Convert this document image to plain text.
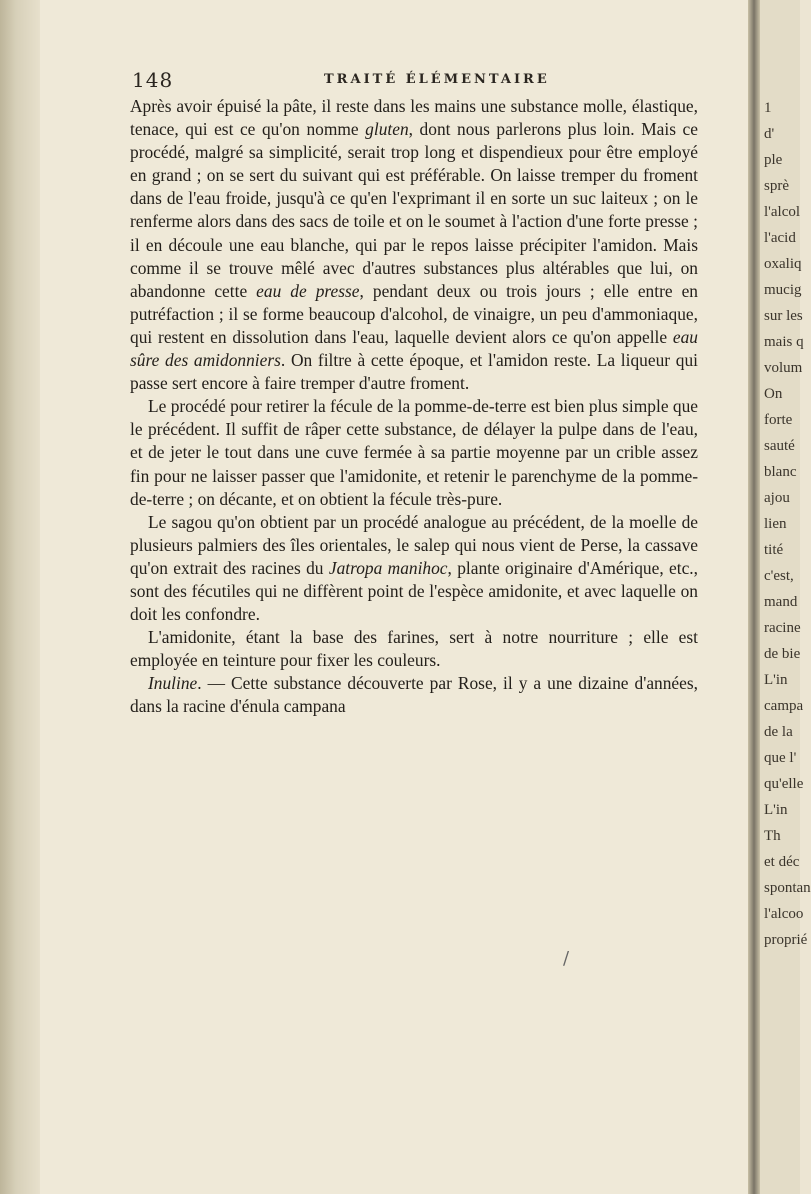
1
d'
ple
sprè
l'alcol
l'acid
oxaliq
mucig
sur les
mais q
volum
On
forte
sauté
blanc
ajou
lien
tité
c'est,
mand
racine
de bie
L'in
campa
de la
que l'
qu'elle
L'in
Th
et déc
spontan
l'alcoo
proprié
148	TRAITÉ ÉLÉMENTAIRE

Après avoir épuisé la pâte, il reste dans les mains une substance molle, élastique, tenace, qui est ce qu'on nomme gluten, dont nous parlerons plus loin. Mais ce procédé, malgré sa simplicité, serait trop long et dispendieux pour être employé en grand ; on se sert du suivant qui est préférable. On laisse tremper du froment dans de l'eau froide, jusqu'à ce qu'en l'exprimant il en sorte un suc laiteux ; on le renferme alors dans des sacs de toile et on le soumet à l'action d'une forte presse ; il en découle une eau blanche, qui par le repos laisse précipiter l'amidon. Mais comme il se trouve mêlé avec d'autres substances plus altérables que lui, on abandonne cette eau de presse, pendant deux ou trois jours ; elle entre en putréfaction ; il se forme beaucoup d'alcohol, de vinaigre, un peu d'ammoniaque, qui restent en dissolution dans l'eau, laquelle devient alors ce qu'on appelle eau sûre des amidonniers. On filtre à cette époque, et l'amidon reste. La liqueur qui passe sert encore à faire tremper d'autre froment.

Le procédé pour retirer la fécule de la pomme-de-terre est bien plus simple que le précédent. Il suffit de râper cette substance, de délayer la pulpe dans de l'eau, et de jeter le tout dans une cuve fermée à sa partie moyenne par un crible assez fin pour ne laisser passer que l'amidonite, et retenir le parenchyme de la pomme-de-terre ; on décante, et on obtient la fécule très-pure.

Le sagou qu'on obtient par un procédé analogue au précédent, de la moelle de plusieurs palmiers des îles orientales, le salep qui nous vient de Perse, la cassave qu'on extrait des racines du Jatropa manihoc, plante originaire d'Amérique, etc., sont des fécutiles qui ne diffèrent point de l'espèce amidonite, et avec laquelle on doit les confondre.

L'amidonite, étant la base des farines, sert à notre nourriture ; elle est employée en teinture pour fixer les couleurs.

Inuline. — Cette substance découverte par Rose, il y a une dizaine d'années, dans la racine d'énula campana

/
